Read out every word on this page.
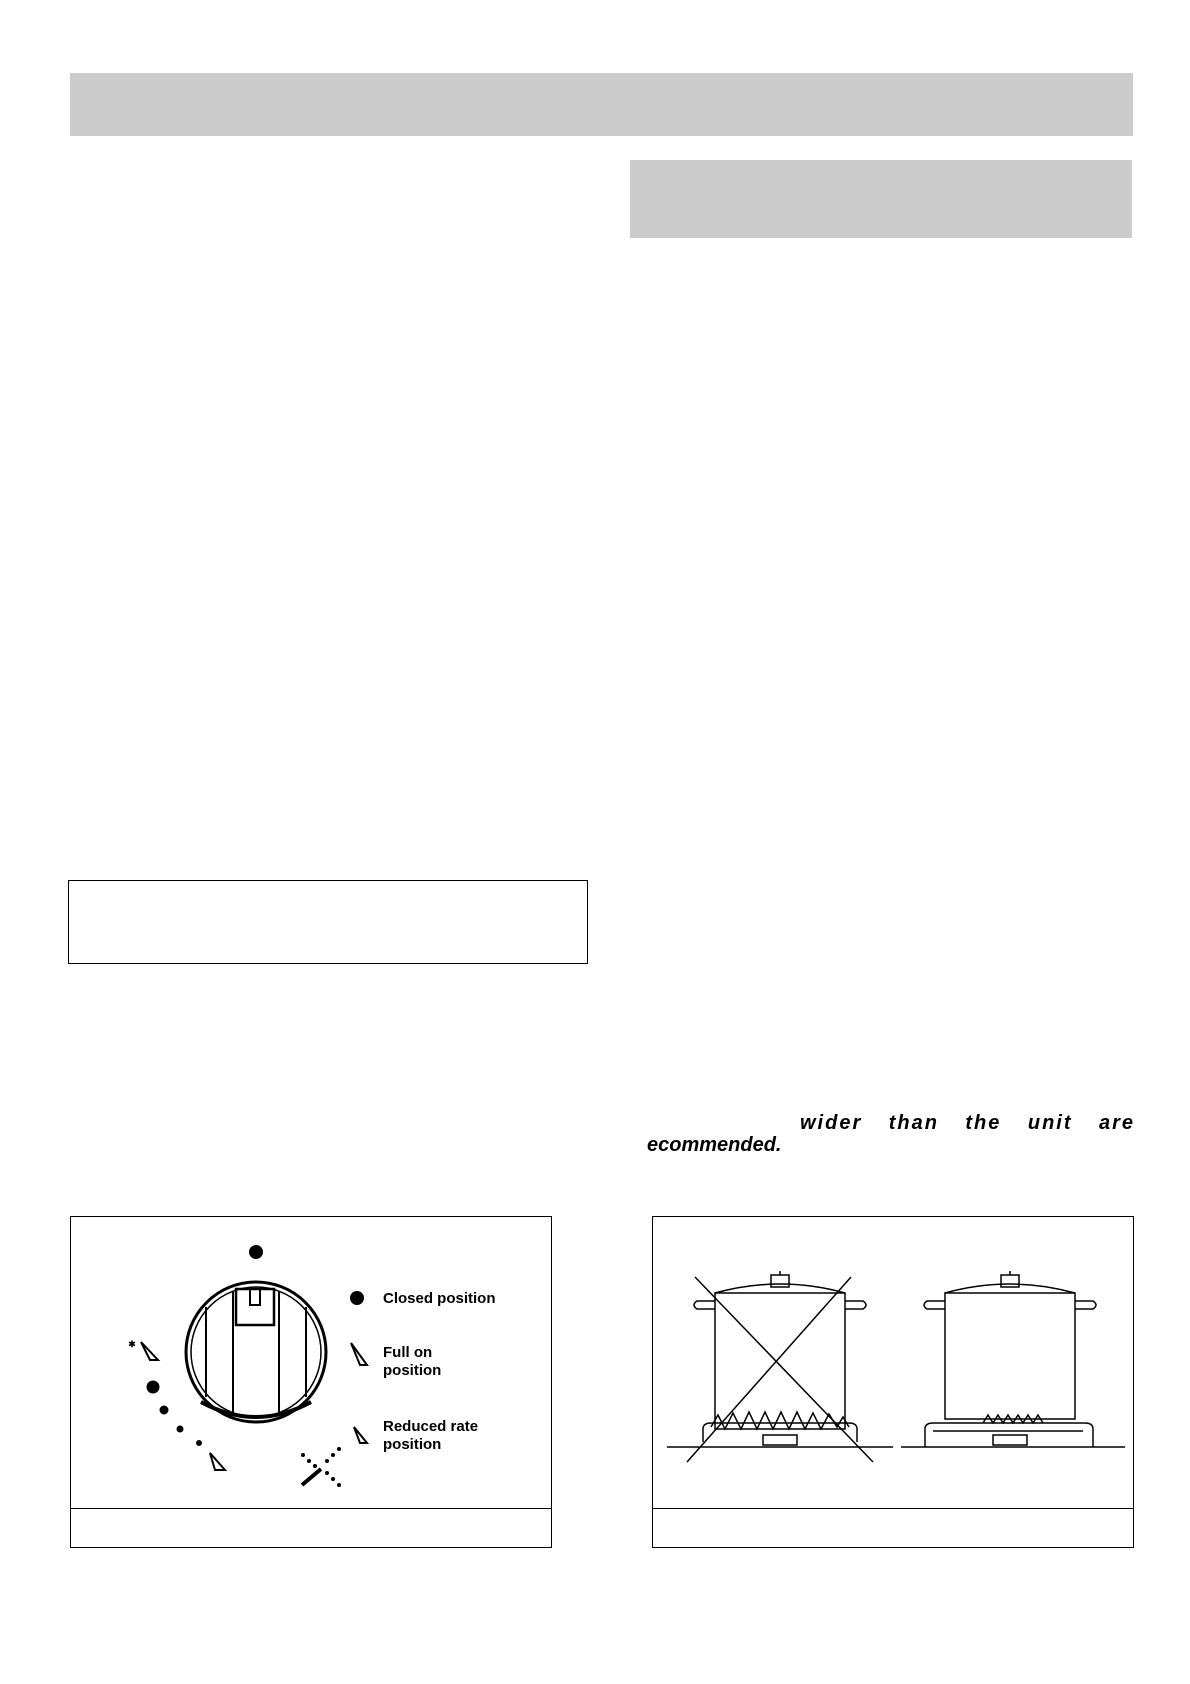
wider than the unit are
ecommended.
*
Closed position
Full on
position
Reduced rate
position
